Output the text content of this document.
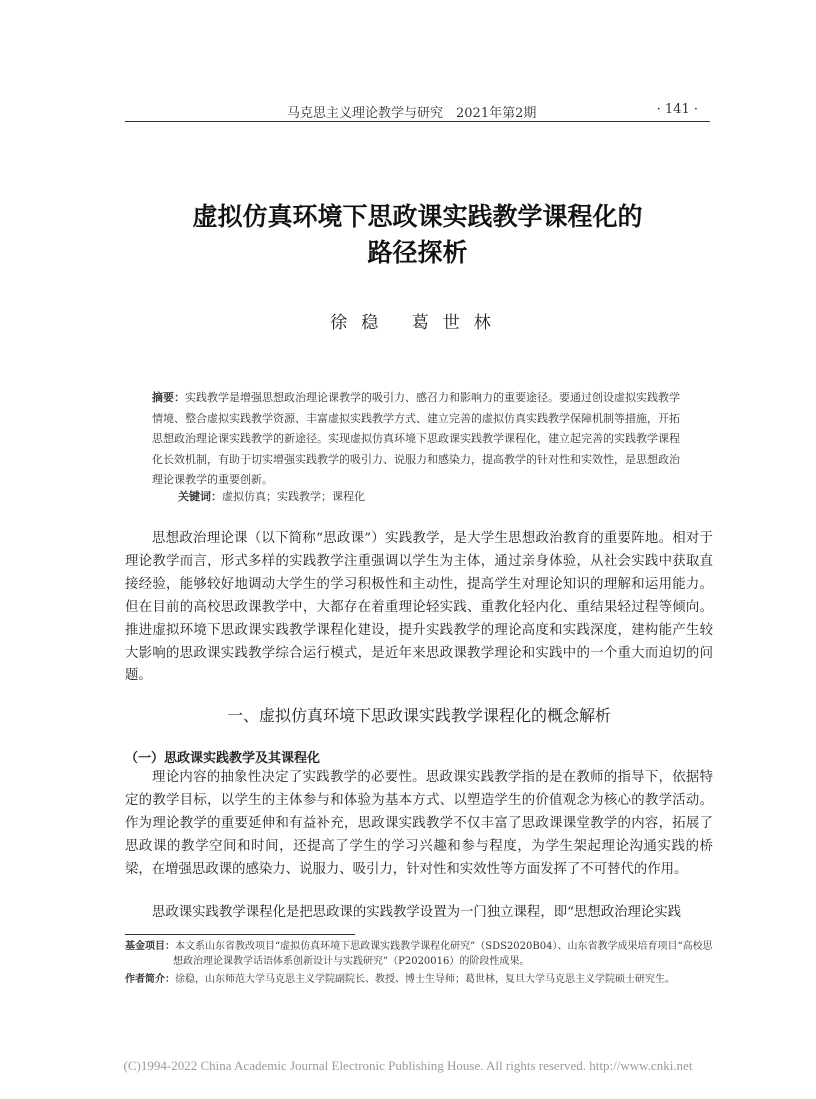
马克思主义理论教学与研究　2021年第2期	· 141 ·
虚拟仿真环境下思政课实践教学课程化的
路径探析
徐稳 葛世林
摘要：实践教学是增强思想政治理论课教学的吸引力、感召力和影响力的重要途径。要通过创设虚拟实践教学情境、整合虚拟实践教学资源、丰富虚拟实践教学方式、建立完善的虚拟仿真实践教学保障机制等措施，开拓思想政治理论课实践教学的新途径。实现虚拟仿真环境下思政课实践教学课程化，建立起完善的实践教学课程化长效机制，有助于切实增强实践教学的吸引力、说服力和感染力，提高教学的针对性和实效性，是思想政治理论课教学的重要创新。
关键词：虚拟仿真；实践教学；课程化
思想政治理论课（以下简称“思政课”）实践教学，是大学生思想政治教育的重要阵地。相对于理论教学而言，形式多样的实践教学注重强调以学生为主体，通过亲身体验，从社会实践中获取直接经验，能够较好地调动大学生的学习积极性和主动性，提高学生对理论知识的理解和运用能力。但在目前的高校思政课教学中，大都存在着重理论轻实践、重教化轻内化、重结果轻过程等倾向。推进虚拟环境下思政课实践教学课程化建设，提升实践教学的理论高度和实践深度，建构能产生较大影响的思政课实践教学综合运行模式，是近年来思政课教学理论和实践中的一个重大而迫切的问题。
一、虚拟仿真环境下思政课实践教学课程化的概念解析
（一）思政课实践教学及其课程化
理论内容的抽象性决定了实践教学的必要性。思政课实践教学指的是在教师的指导下，依据特定的教学目标，以学生的主体参与和体验为基本方式、以塑造学生的价值观念为核心的教学活动。作为理论教学的重要延伸和有益补充，思政课实践教学不仅丰富了思政课课堂教学的内容，拓展了思政课的教学空间和时间，还提高了学生的学习兴趣和参与程度，为学生架起理论沟通实践的桥梁，在增强思政课的感染力、说服力、吸引力，针对性和实效性等方面发挥了不可替代的作用。
思政课实践教学课程化是把思政课的实践教学设置为一门独立课程，即“思想政治理论实践

基金项目：本文系山东省教改项目“虚拟仿真环境下思政课实践教学课程化研究”（SDS2020B04）、山东省教学成果培育项目“高校思想政治理论课教学话语体系创新设计与实践研究”（P2020016）的阶段性成果。

作者简介：徐稳，山东师范大学马克思主义学院副院长、教授、博士生导师；葛世林，复旦大学马克思主义学院硕士研究生。

(C)1994-2022 China Academic Journal Electronic Publishing House. All rights reserved. http://www.cnki.net
